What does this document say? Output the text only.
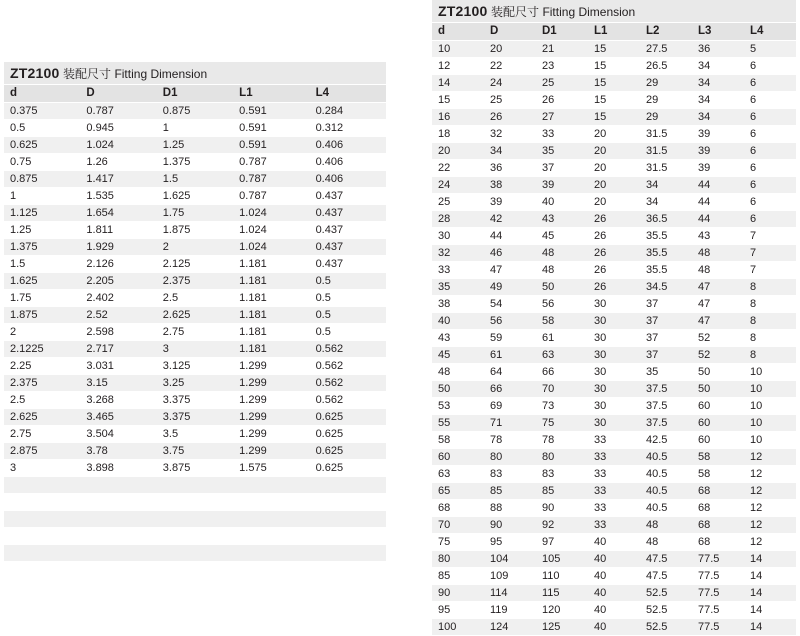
ZT2100 装配尺寸 Fitting Dimension				
d	D	D1	L1	L4
0.375	0.787	0.875	0.591	0.284
0.5	0.945	1	0.591	0.312
0.625	1.024	1.25	0.591	0.406
0.75	1.26	1.375	0.787	0.406
0.875	1.417	1.5	0.787	0.406
1	1.535	1.625	0.787	0.437
1.125	1.654	1.75	1.024	0.437
1.25	1.811	1.875	1.024	0.437
1.375	1.929	2	1.024	0.437
1.5	2.126	2.125	1.181	0.437
1.625	2.205	2.375	1.181	0.5
1.75	2.402	2.5	1.181	0.5
1.875	2.52	2.625	1.181	0.5
2	2.598	2.75	1.181	0.5
2.1225	2.717	3	1.181	0.562
2.25	3.031	3.125	1.299	0.562
2.375	3.15	3.25	1.299	0.562
2.5	3.268	3.375	1.299	0.562
2.625	3.465	3.375	1.299	0.625
2.75	3.504	3.5	1.299	0.625
2.875	3.78	3.75	1.299	0.625
3	3.898	3.875	1.575	0.625

ZT2100 装配尺寸 Fitting Dimension						
d	D	D1	L1	L2	L3	L4
10	20	21	15	27.5	36	5
12	22	23	15	26.5	34	6
14	24	25	15	29	34	6
15	25	26	15	29	34	6
16	26	27	15	29	34	6
18	32	33	20	31.5	39	6
20	34	35	20	31.5	39	6
22	36	37	20	31.5	39	6
24	38	39	20	34	44	6
25	39	40	20	34	44	6
28	42	43	26	36.5	44	6
30	44	45	26	35.5	43	7
32	46	48	26	35.5	48	7
33	47	48	26	35.5	48	7
35	49	50	26	34.5	47	8
38	54	56	30	37	47	8
40	56	58	30	37	47	8
43	59	61	30	37	52	8
45	61	63	30	37	52	8
48	64	66	30	35	50	10
50	66	70	30	37.5	50	10
53	69	73	30	37.5	60	10
55	71	75	30	37.5	60	10
58	78	78	33	42.5	60	10
60	80	80	33	40.5	58	12
63	83	83	33	40.5	58	12
65	85	85	33	40.5	68	12
68	88	90	33	40.5	68	12
70	90	92	33	48	68	12
75	95	97	40	48	68	12
80	104	105	40	47.5	77.5	14
85	109	110	40	47.5	77.5	14
90	114	115	40	52.5	77.5	14
95	119	120	40	52.5	77.5	14
100	124	125	40	52.5	77.5	14
